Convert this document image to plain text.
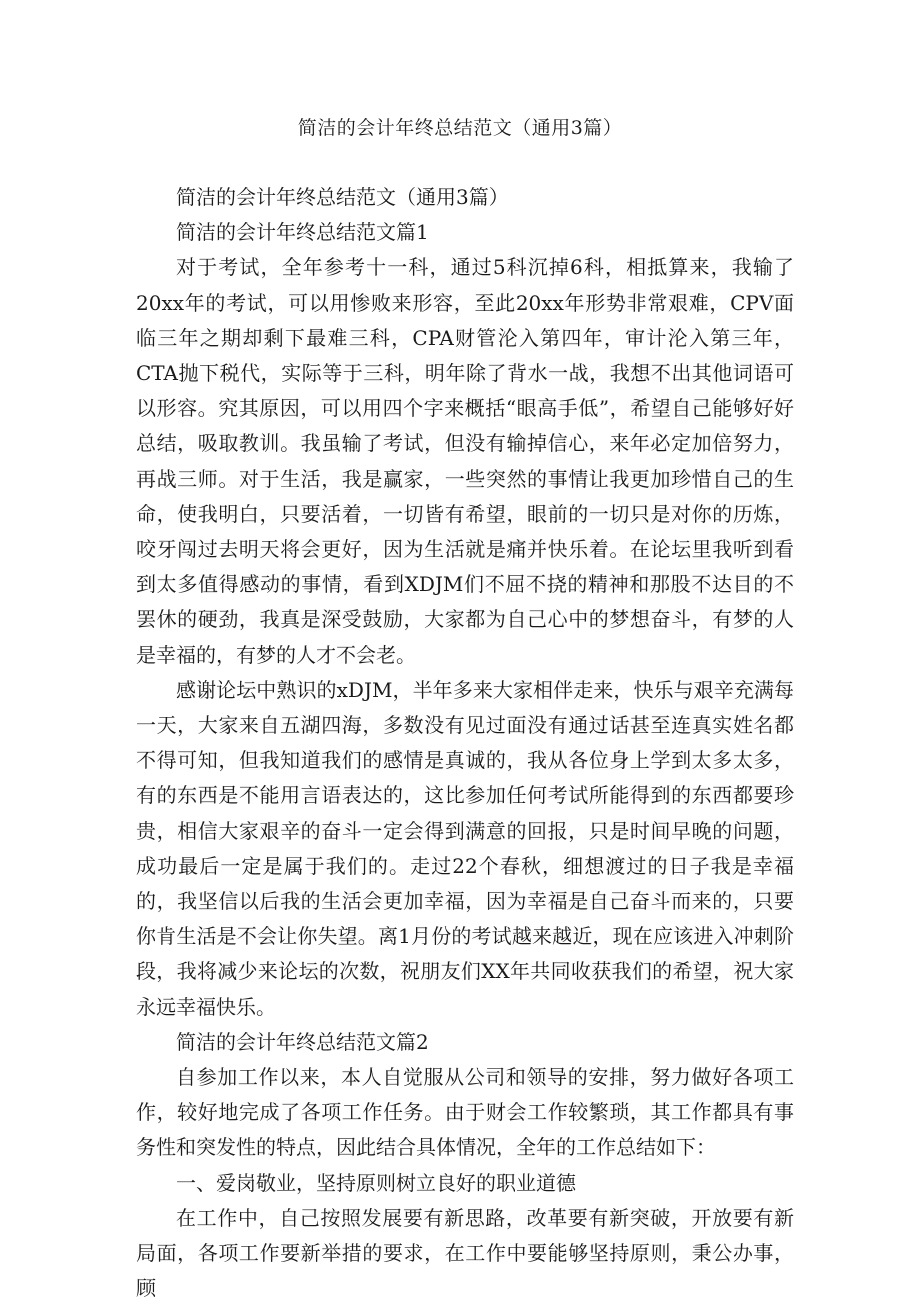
简洁的会计年终总结范文（通用3篇）

简洁的会计年终总结范文（通用3篇）

简洁的会计年终总结范文篇1

对于考试，全年参考十一科，通过5科沉掉6科，相抵算来，我输了20xx年的考试，可以用惨败来形容，至此20xx年形势非常艰难，CPV面临三年之期却剩下最难三科，CPA财管沦入第四年，审计沦入第三年，CTA抛下税代，实际等于三科，明年除了背水一战，我想不出其他词语可以形容。究其原因，可以用四个字来概括“眼高手低”，希望自己能够好好总结，吸取教训。我虽输了考试，但没有输掉信心，来年必定加倍努力，再战三师。对于生活，我是赢家，一些突然的事情让我更加珍惜自己的生命，使我明白，只要活着，一切皆有希望，眼前的一切只是对你的历炼，咬牙闯过去明天将会更好，因为生活就是痛并快乐着。在论坛里我听到看到太多值得感动的事情，看到XDJM们不屈不挠的精神和那股不达目的不罢休的硬劲，我真是深受鼓励，大家都为自己心中的梦想奋斗，有梦的人是幸福的，有梦的人才不会老。

感谢论坛中熟识的xDJM，半年多来大家相伴走来，快乐与艰辛充满每一天，大家来自五湖四海，多数没有见过面没有通过话甚至连真实姓名都不得可知，但我知道我们的感情是真诚的，我从各位身上学到太多太多，有的东西是不能用言语表达的，这比参加任何考试所能得到的东西都要珍贵，相信大家艰辛的奋斗一定会得到满意的回报，只是时间早晚的问题，成功最后一定是属于我们的。走过22个春秋，细想渡过的日子我是幸福的，我坚信以后我的生活会更加幸福，因为幸福是自己奋斗而来的，只要你肯生活是不会让你失望。离1月份的考试越来越近，现在应该进入冲刺阶段，我将减少来论坛的次数，祝朋友们XX年共同收获我们的希望，祝大家永远幸福快乐。

简洁的会计年终总结范文篇2

自参加工作以来，本人自觉服从公司和领导的安排，努力做好各项工作，较好地完成了各项工作任务。由于财会工作较繁琐，其工作都具有事务性和突发性的特点，因此结合具体情况，全年的工作总结如下：

一、爱岗敬业，坚持原则树立良好的职业道德

在工作中，自己按照发展要有新思路，改革要有新突破，开放要有新局面，各项工作要新举措的要求，在工作中要能够坚持原则，秉公办事，顾
